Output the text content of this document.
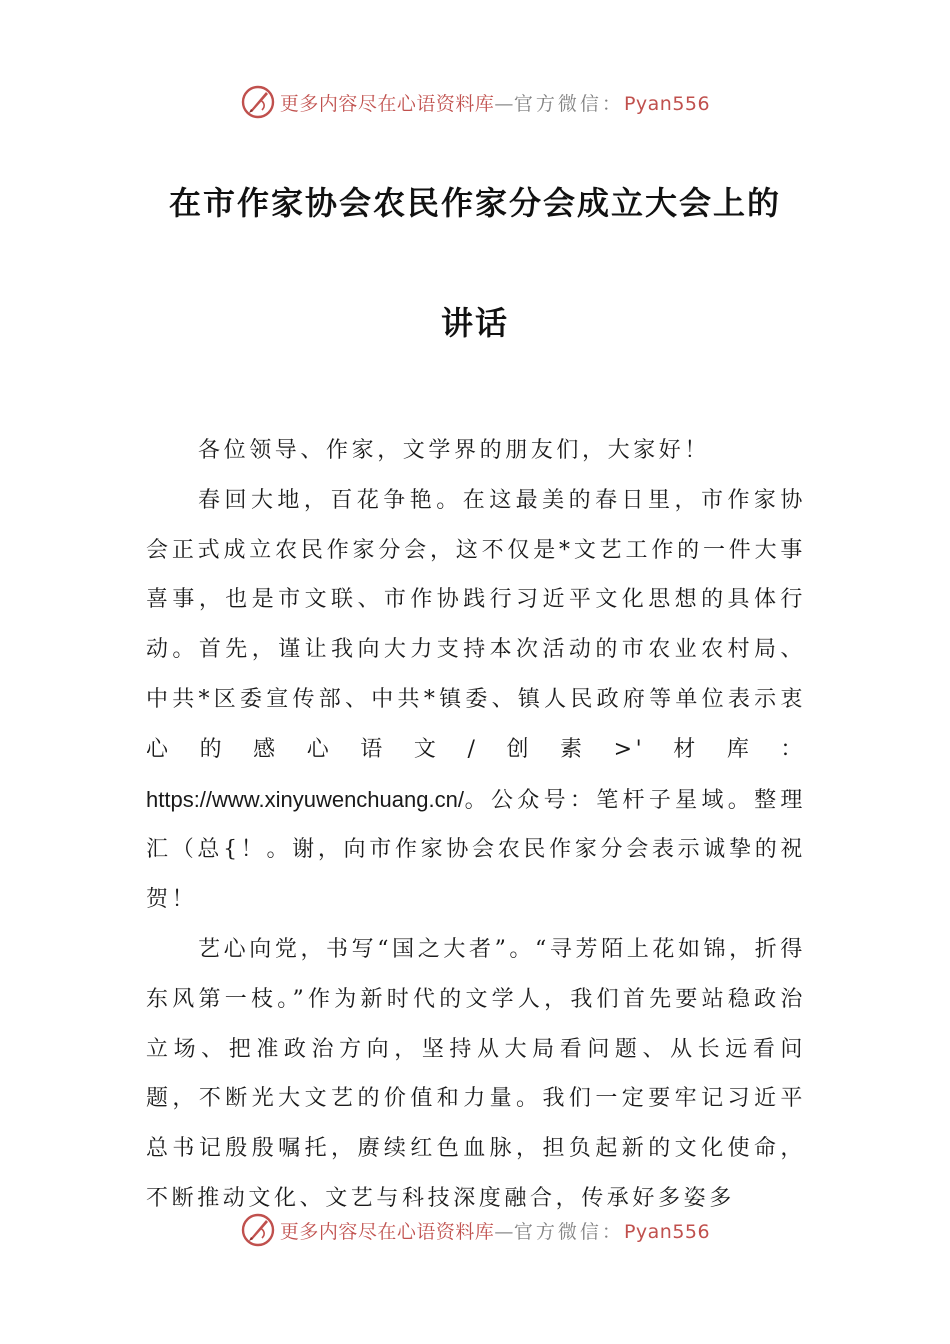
更多内容尽在心语资料库—官方微信：Pyan556
在市作家协会农民作家分会成立大会上的
讲话

各位领导、作家，文学界的朋友们，大家好！

春回大地，百花争艳。在这最美的春日里，市作家协会正式成立农民作家分会，这不仅是*文艺工作的一件大事喜事，也是市文联、市作协践行习近平文化思想的具体行动。首先，谨让我向大力支持本次活动的市农业农村局、中共*区委宣传部、中共*镇委、镇人民政府等单位表示衷心的感心语文/创素>'材库：https://www.xinyuwenchuang.cn/。公众号：笔杆子星域。整理汇（总{！。谢，向市作家协会农民作家分会表示诚挚的祝贺！

艺心向党，书写“国之大者”。“寻芳陌上花如锦，折得东风第一枝。”作为新时代的文学人，我们首先要站稳政治立场、把准政治方向，坚持从大局看问题、从长远看问题，不断光大文艺的价值和力量。我们一定要牢记习近平总书记殷殷嘱托，赓续红色血脉，担负起新的文化使命，不断推动文化、文艺与科技深度融合，传承好多姿多

更多内容尽在心语资料库—官方微信：Pyan556
